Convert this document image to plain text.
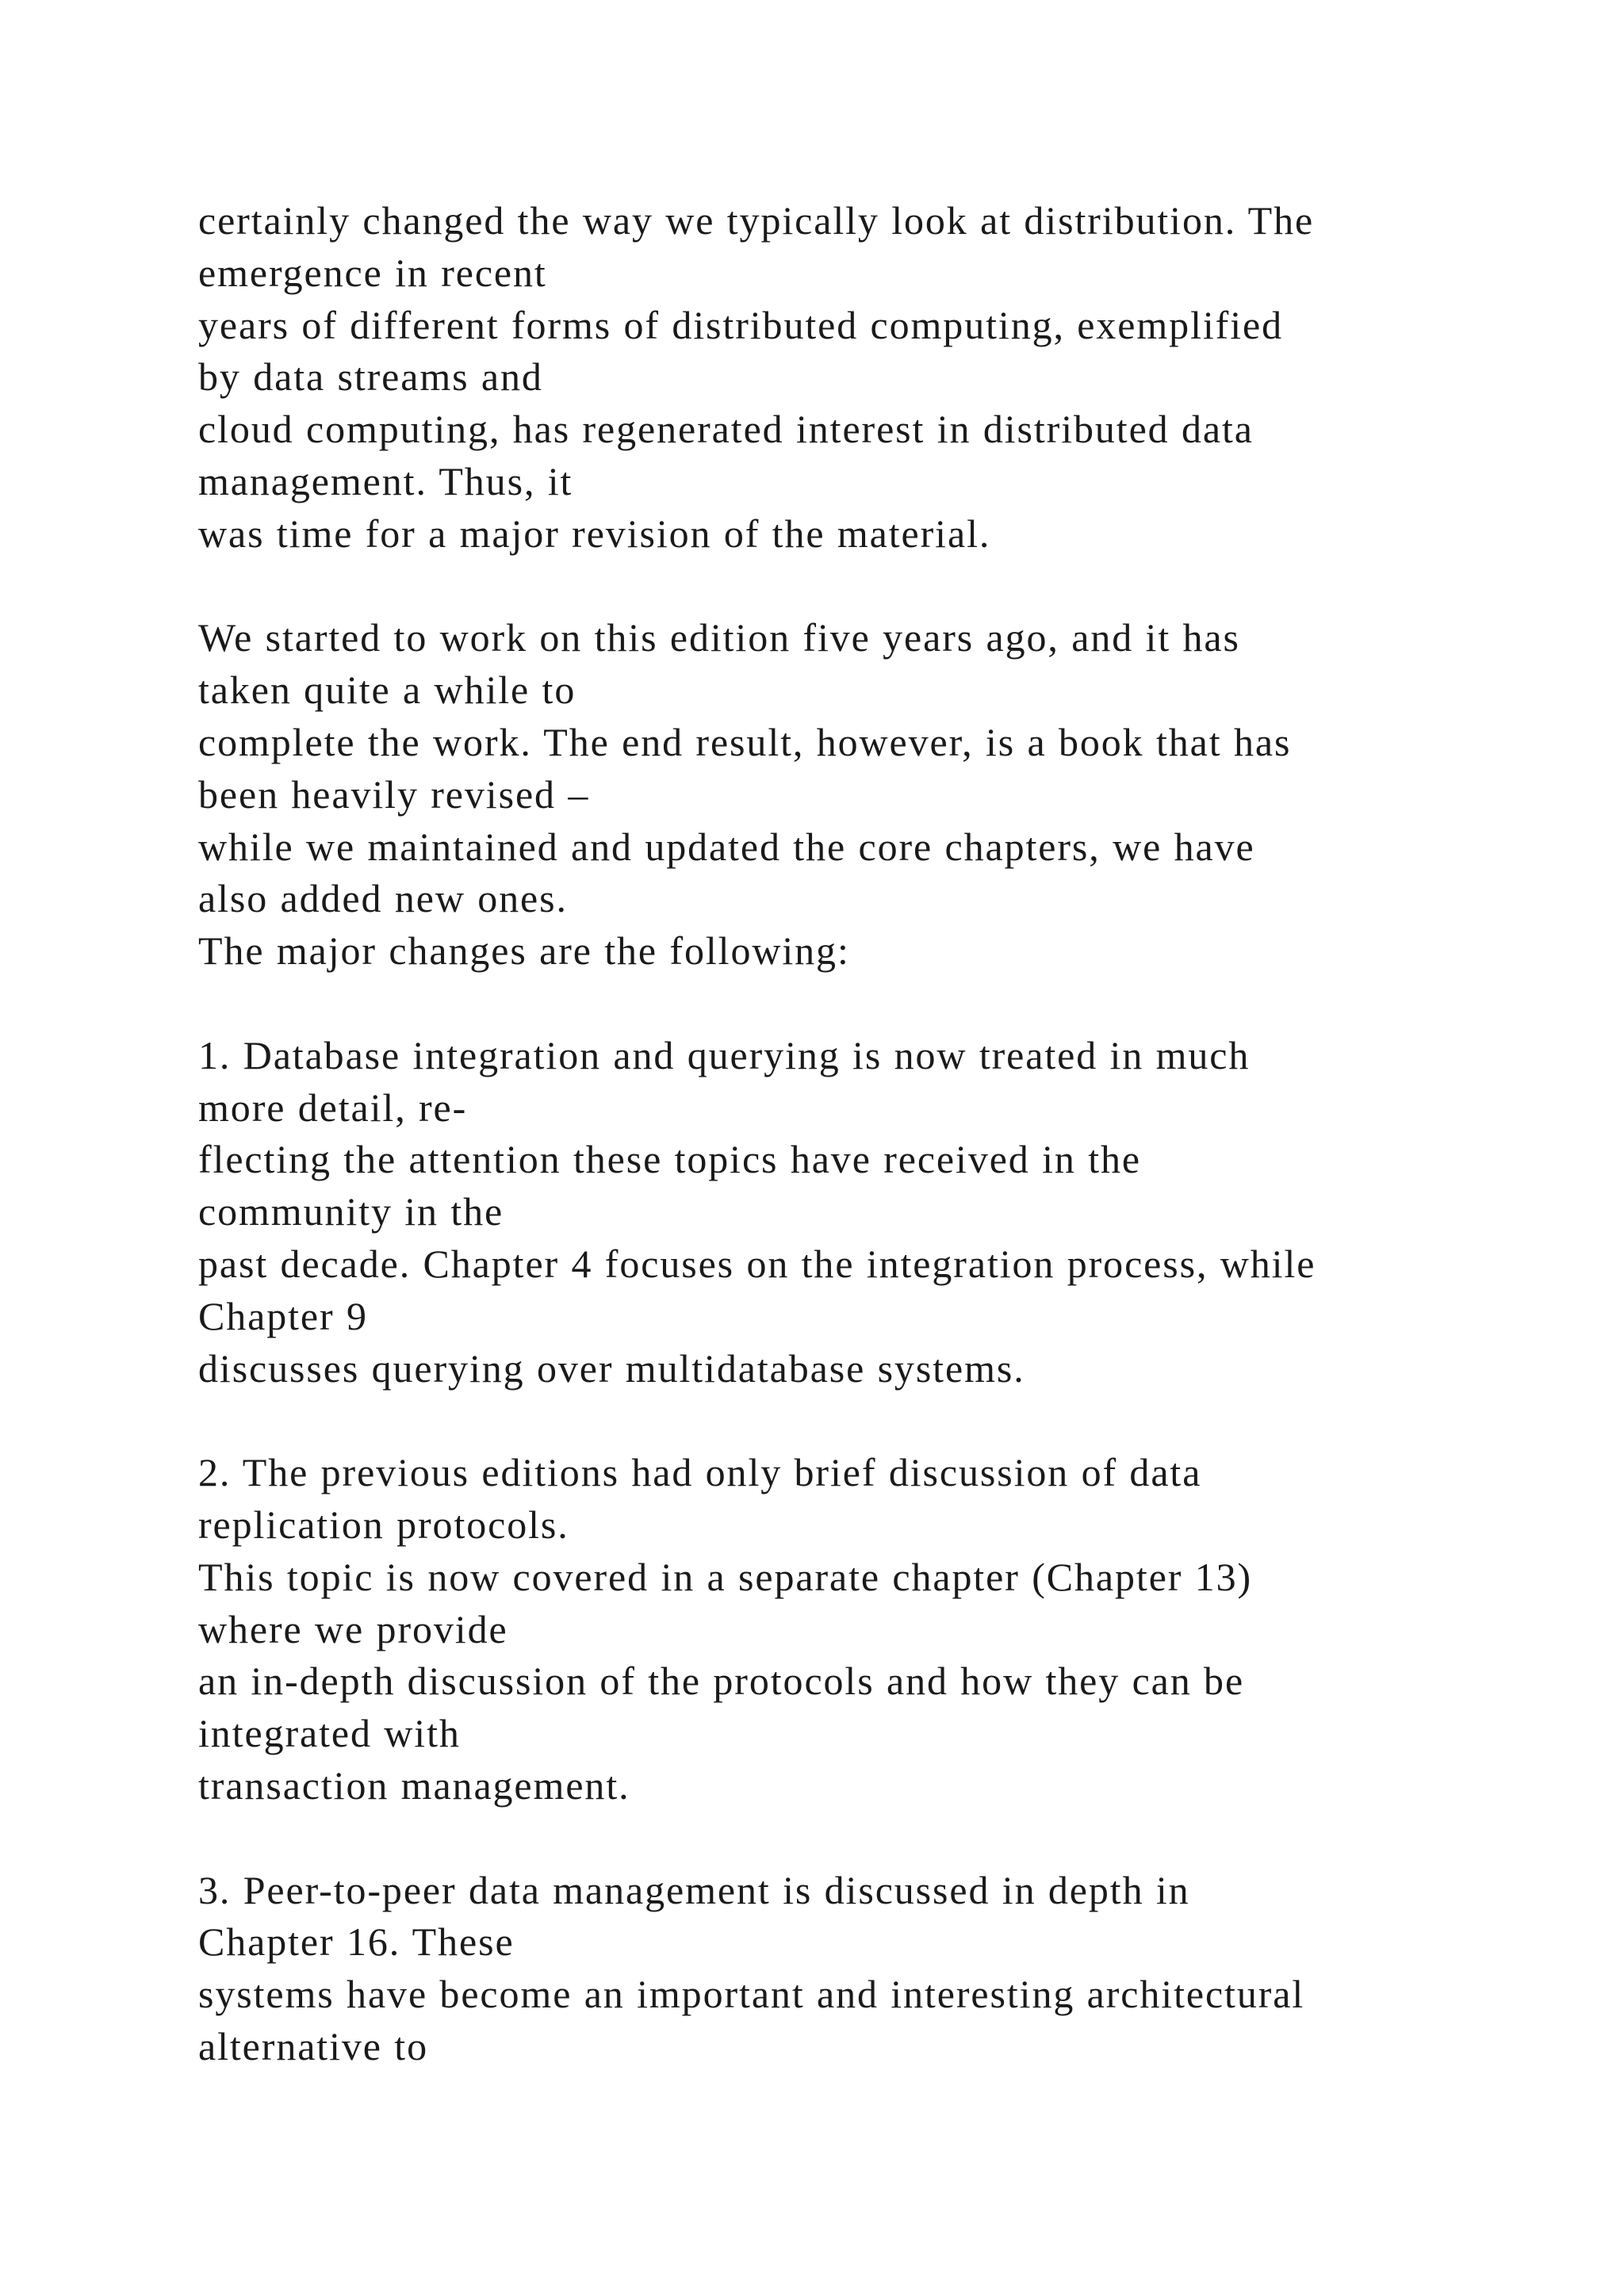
certainly changed the way we typically look at distribution. The
emergence in recent
years of different forms of distributed computing, exemplified
by data streams and
cloud computing, has regenerated interest in distributed data
management. Thus, it
was time for a major revision of the material.
We started to work on this edition five years ago, and it has
taken quite a while to
complete the work. The end result, however, is a book that has
been heavily revised –
while we maintained and updated the core chapters, we have
also added new ones.
The major changes are the following:
1. Database integration and querying is now treated in much
more detail, re-
flecting the attention these topics have received in the
community in the
past decade. Chapter 4 focuses on the integration process, while
Chapter 9
discusses querying over multidatabase systems.
2. The previous editions had only brief discussion of data
replication protocols.
This topic is now covered in a separate chapter (Chapter 13)
where we provide
an in-depth discussion of the protocols and how they can be
integrated with
transaction management.
3. Peer-to-peer data management is discussed in depth in
Chapter 16. These
systems have become an important and interesting architectural
alternative to
